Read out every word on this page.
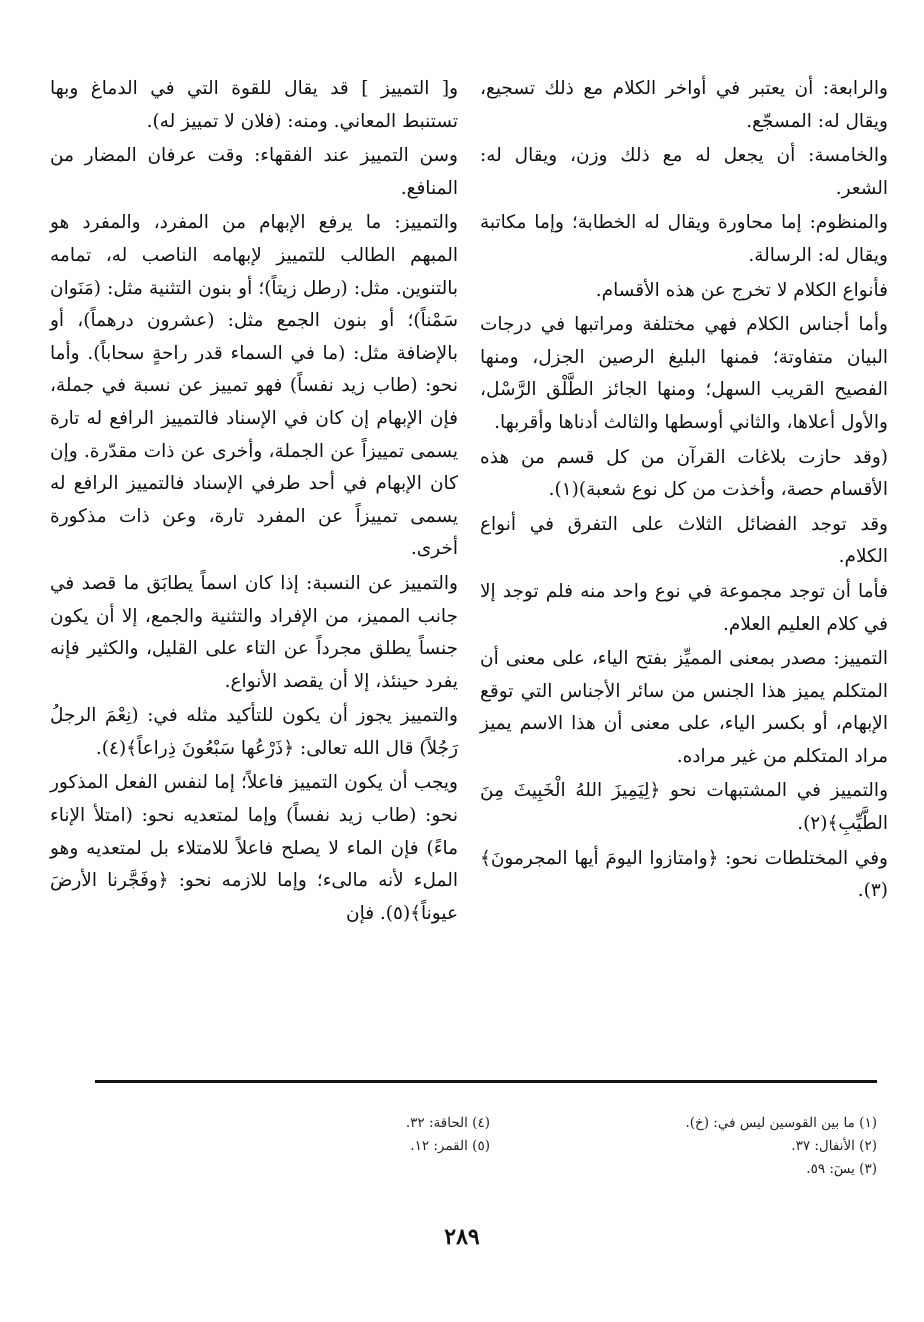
والرابعة: أن يعتبر في أواخر الكلام مع ذلك تسجيع، ويقال له: المسجّع.

والخامسة: أن يجعل له مع ذلك وزن، ويقال له: الشعر.

والمنظوم: إما محاورة ويقال له الخطابة؛ وإما مكاتبة ويقال له: الرسالة.

فأنواع الكلام لا تخرج عن هذه الأقسام.

وأما أجناس الكلام فهي مختلفة ومراتبها في درجات البيان متفاوتة؛ فمنها البليغ الرصين الجزل، ومنها الفصيح القريب السهل؛ ومنها الجائز الطَّلْق الرَّسْل، والأول أعلاها، والثاني أوسطها والثالث أدناها وأقربها.

(وقد حازت بلاغات القرآن من كل قسم من هذه الأقسام حصة، وأخذت من كل نوع شعبة)(١).

وقد توجد الفضائل الثلاث على التفرق في أنواع الكلام.

فأما أن توجد مجموعة في نوع واحد منه فلم توجد إلا في كلام العليم العلام.

التمييز: مصدر بمعنى المميِّز بفتح الياء، على معنى أن المتكلم يميز هذا الجنس من سائر الأجناس التي توقع الإبهام، أو بكسر الياء، على معنى أن هذا الاسم يميز مراد المتكلم من غير مراده.

والتمييز في المشتبهات نحو ﴿لِيَمِيزَ اللهُ الْخَبِيثَ مِنَ الطَّيِّبِ﴾(٢).

وفي المختلطات نحو: ﴿وامتازوا اليومَ أيها المجرمونَ﴾(٣).

و[ التمييز ] قد يقال للقوة التي في الدماغ وبها تستنبط المعاني. ومنه: (فلان لا تمييز له).

وسن التمييز عند الفقهاء: وقت عرفان المضار من المنافع.

والتمييز: ما يرفع الإبهام من المفرد، والمفرد هو المبهم الطالب للتمييز لإبهامه الناصب له، تمامه بالتنوين. مثل: (رطل زيتاً)؛ أو بنون التثنية مثل: (مَنَوان سَمْناً)؛ أو بنون الجمع مثل: (عشرون درهماً)، أو بالإضافة مثل: (ما في السماء قدر راحةٍ سحاباً). وأما نحو: (طاب زيد نفساً) فهو تمييز عن نسبة في جملة، فإن الإبهام إن كان في الإسناد فالتمييز الرافع له تارة يسمى تمييزاً عن الجملة، وأخرى عن ذات مقدّرة. وإن كان الإبهام في أحد طرفي الإسناد فالتمييز الرافع له يسمى تمييزاً عن المفرد تارة، وعن ذات مذكورة أخرى.

والتمييز عن النسبة: إذا كان اسماً يطابَق ما قصد في جانب المميز، من الإفراد والتثنية والجمع، إلا أن يكون جنساً يطلق مجرداً عن التاء على القليل، والكثير فإنه يفرد حينئذ، إلا أن يقصد الأنواع.

والتمييز يجوز أن يكون للتأكيد مثله في: (نِعْمَ الرجلُ رَجُلاً) قال الله تعالى: ﴿ذَرْعُها سَبْعُونَ ذِراعاً﴾(٤).

ويجب أن يكون التمييز فاعلاً؛ إما لنفس الفعل المذكور نحو: (طاب زيد نفساً) وإما لمتعديه نحو: (امتلأ الإناء ماءً) فإن الماء لا يصلح فاعلاً للامتلاء بل لمتعديه وهو الملء لأنه مالىء؛ وإما للازمه نحو: ﴿وفَجَّرنا الأرضَ عيوناً﴾(٥). فإن

(١) ما بين القوسين ليس في: (خ).
(٢) الأنفال: ٣٧.
(٣) يسٓ: ٥٩.
(٤) الحاقة: ٣٢.
(٥) القمر: ١٢.
٢٨٩
